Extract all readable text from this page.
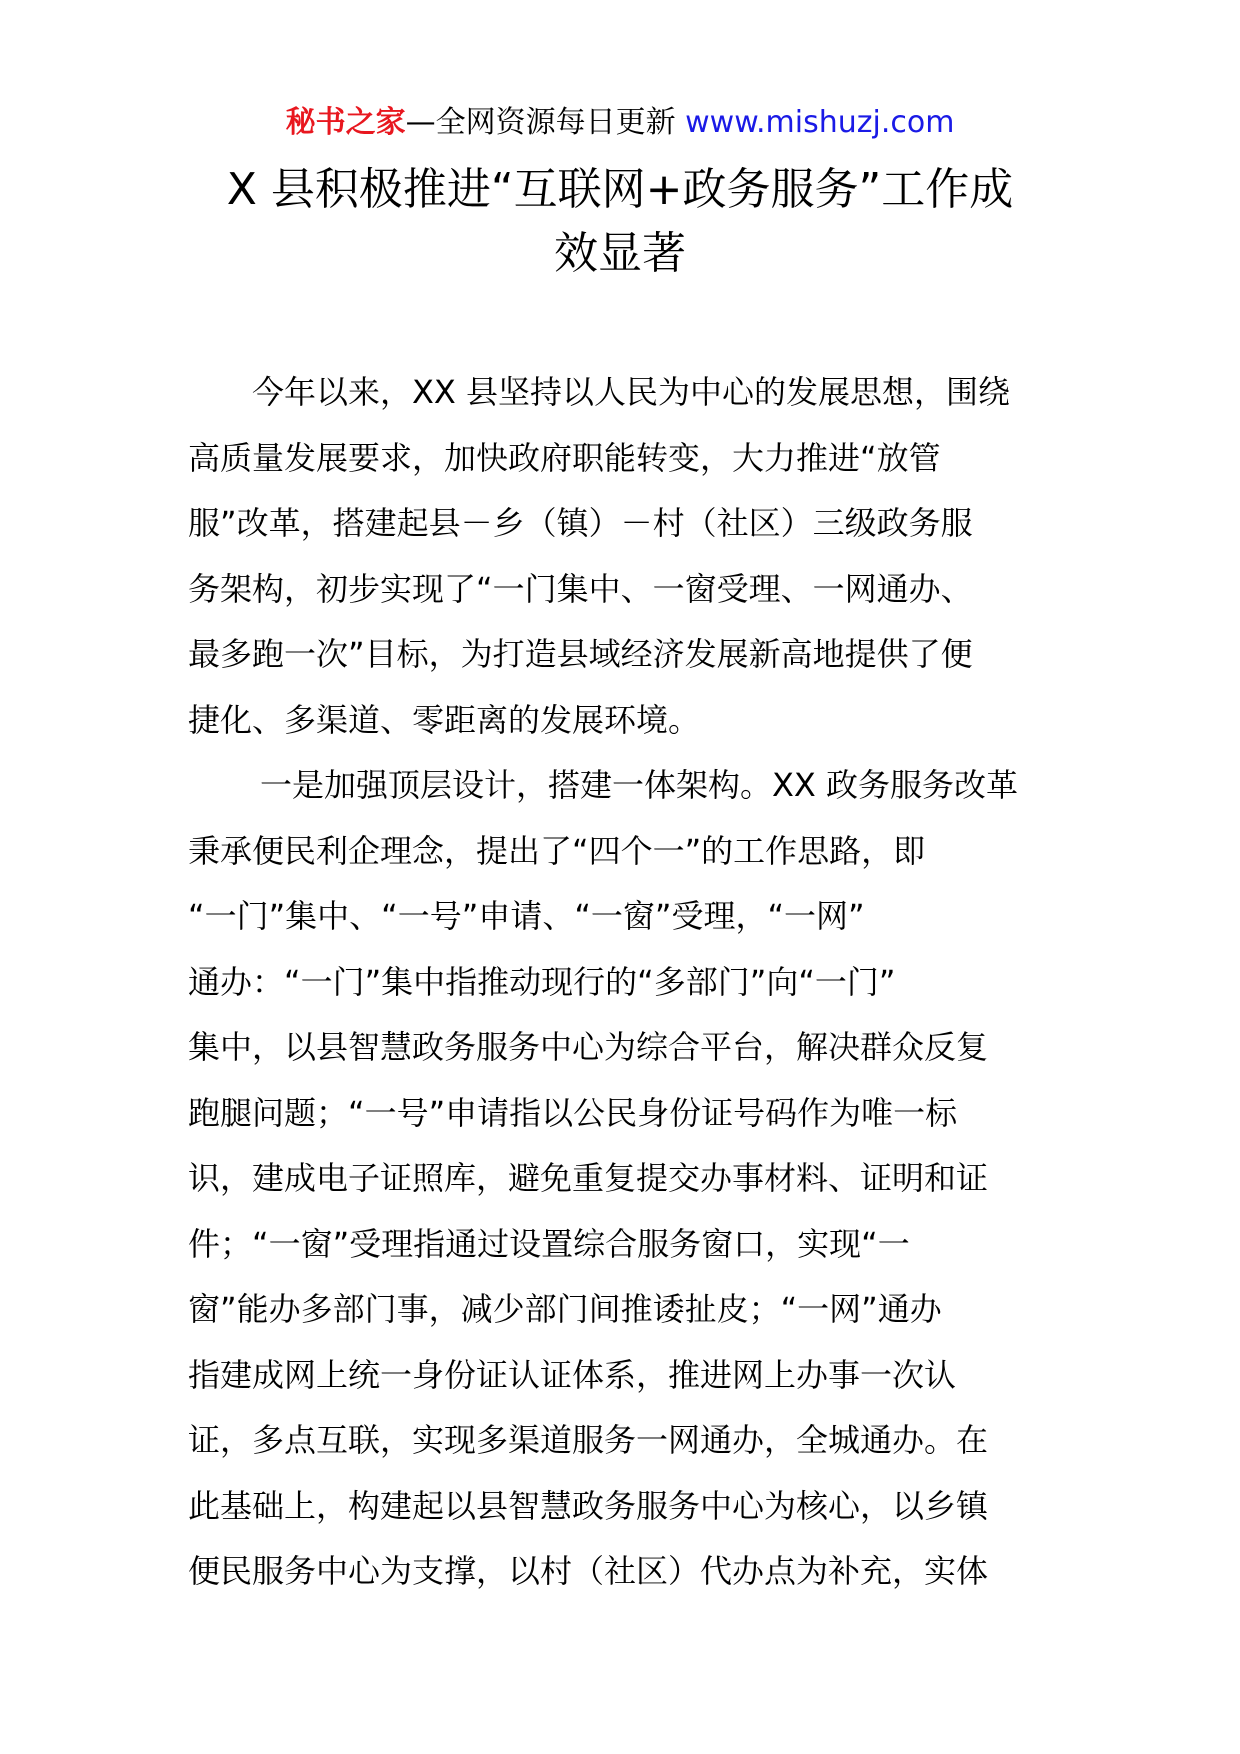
秘书之家—全网资源每日更新 www.mishuzj.com
X 县积极推进“互联网+政务服务”工作成
效显著
今年以来，XX 县坚持以人民为中心的发展思想，围绕
高质量发展要求，加快政府职能转变，大力推进“放管
服”改革，搭建起县－乡（镇）－村（社区）三级政务服
务架构，初步实现了“一门集中、一窗受理、一网通办、
最多跑一次”目标，为打造县域经济发展新高地提供了便
捷化、多渠道、零距离的发展环境。
一是加强顶层设计，搭建一体架构。XX 政务服务改革
秉承便民利企理念，提出了“四个一”的工作思路，即
“一门”集中、“一号”申请、“一窗”受理，“一网”
通办：“一门”集中指推动现行的“多部门”向“一门”
集中，以县智慧政务服务中心为综合平台，解决群众反复
跑腿问题；“一号”申请指以公民身份证号码作为唯一标
识，建成电子证照库，避免重复提交办事材料、证明和证
件；“一窗”受理指通过设置综合服务窗口，实现“一
窗”能办多部门事，减少部门间推诿扯皮；“一网”通办
指建成网上统一身份证认证体系，推进网上办事一次认
证，多点互联，实现多渠道服务一网通办，全城通办。在
此基础上，构建起以县智慧政务服务中心为核心，以乡镇
便民服务中心为支撑，以村（社区）代办点为补充，实体
